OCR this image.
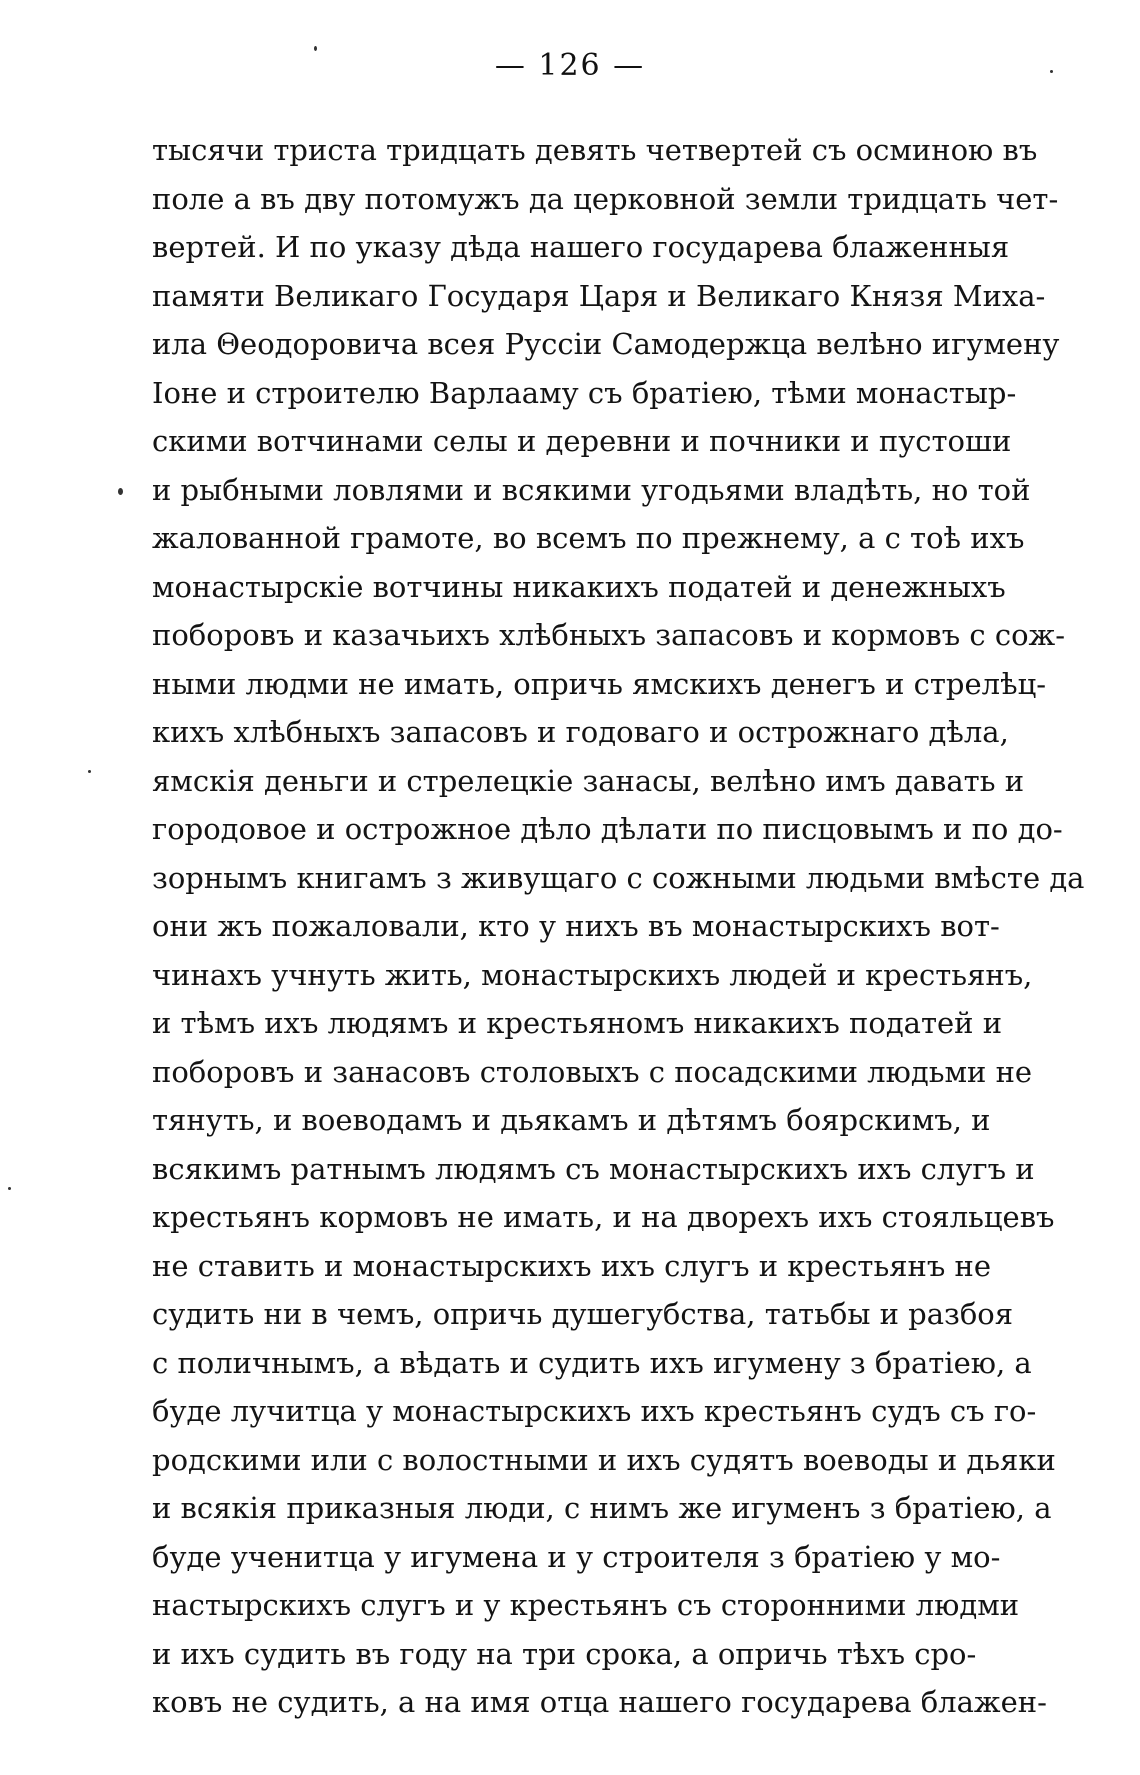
— 126 —
тысячи триста тридцать девять четвертей съ осминою въ
поле а въ дву потомужъ да церковной земли тридцать чет-
вертей. И по указу дѣда нашего государева блаженныя
памяти Великаго Государя Царя и Великаго Князя Миха-
ила Θеодоровича всея Руссіи Самодержца велѣно игумену
Іоне и строителю Варлааму съ братіею, тѣми монастыр-
скими вотчинами селы и деревни и почники и пустоши
и рыбными ловлями и всякими угодьями владѣть, но той
жалованной грамоте, во всемъ по прежнему, а с тоѣ ихъ
монастырскіе вотчины никакихъ податей и денежныхъ
поборовъ и казачьихъ хлѣбныхъ запасовъ и кормовъ с сож-
ными людми не имать, опричь ямскихъ денегъ и стрелѣц-
кихъ хлѣбныхъ запасовъ и годоваго и острожнаго дѣла,
ямскія деньги и стрелецкіе занасы, велѣно имъ давать и
городовое и острожное дѣло дѣлати по писцовымъ и по до-
зорнымъ книгамъ з живущаго с сожными людьми вмѣсте да
они жъ пожаловали, кто у нихъ въ монастырскихъ вот-
чинахъ учнуть жить, монастырскихъ людей и крестьянъ,
и тѣмъ ихъ людямъ и крестьяномъ никакихъ податей и
поборовъ и занасовъ столовыхъ с посадскими людьми не
тянуть, и воеводамъ и дьякамъ и дѣтямъ боярскимъ, и
всякимъ ратнымъ людямъ съ монастырскихъ ихъ слугъ и
крестьянъ кормовъ не имать, и на дворехъ ихъ стояльцевъ
не ставить и монастырскихъ ихъ слугъ и крестьянъ не
судить ни в чемъ, опричь душегубства, татьбы и разбоя
с поличнымъ, а вѣдать и судить ихъ игумену з братіею, а
буде лучитца у монастырскихъ ихъ крестьянъ судъ съ го-
родскими или с волостными и ихъ судятъ воеводы и дьяки
и всякія приказныя люди, с нимъ же игуменъ з братіею, а
буде ученитца у игумена и у строителя з братіею у мо-
настырскихъ слугъ и у крестьянъ съ сторонними людми
и ихъ судить въ году на три срока, а опричь тѣхъ сро-
ковъ не судить, а на имя отца нашего государева блажен-
